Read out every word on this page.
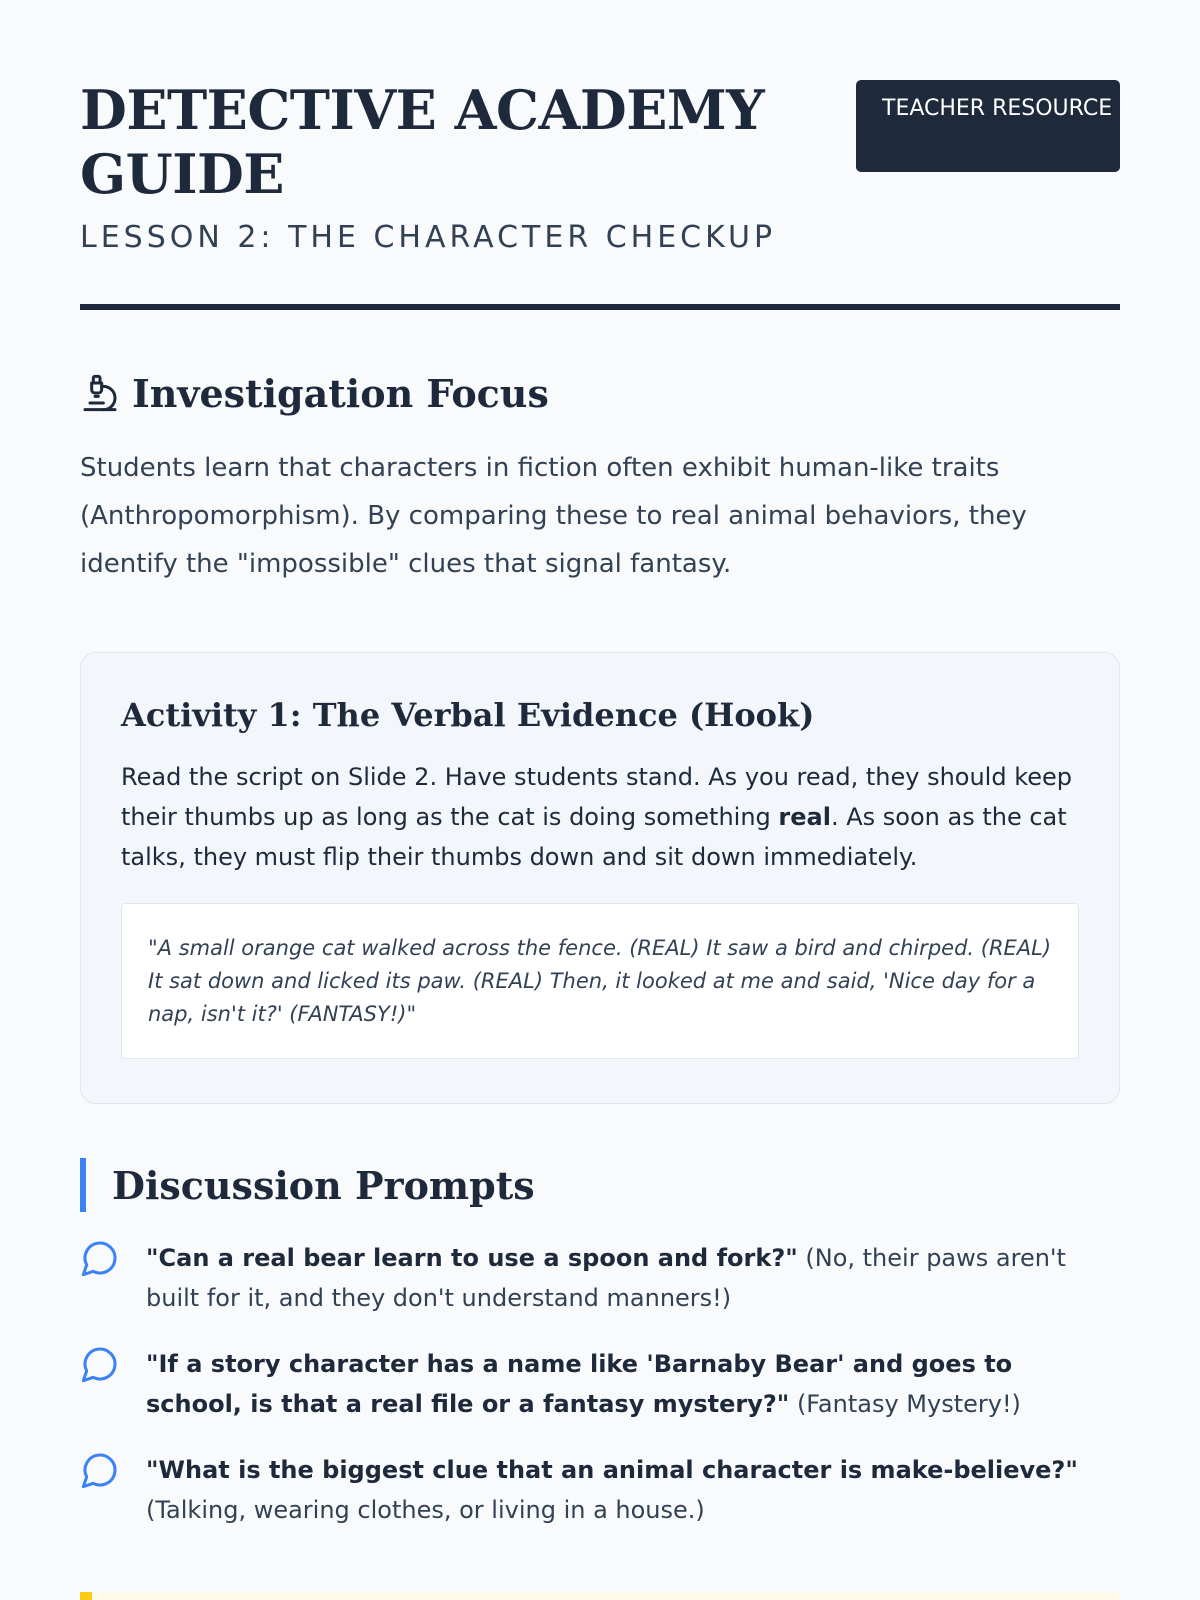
DETECTIVE ACADEMY GUIDE
LESSON 2: THE CHARACTER CHECKUP
TEACHER RESOURCE
Investigation Focus

Students learn that characters in fiction often exhibit human-like traits (Anthropomorphism). By comparing these to real animal behaviors, they identify the "impossible" clues that signal fantasy.

Activity 1: The Verbal Evidence (Hook)

Read the script on Slide 2. Have students stand. As you read, they should keep their thumbs up as long as the cat is doing something real. As soon as the cat talks, they must flip their thumbs down and sit down immediately.

"A small orange cat walked across the fence. (REAL) It saw a bird and chirped. (REAL) It sat down and licked its paw. (REAL) Then, it looked at me and said, 'Nice day for a nap, isn't it?' (FANTASY!)"
Discussion Prompts

"Can a real bear learn to use a spoon and fork?" (No, their paws aren't built for it, and they don't understand manners!)

"If a story character has a name like 'Barnaby Bear' and goes to school, is that a real file or a fantasy mystery?" (Fantasy Mystery!)

"What is the biggest clue that an animal character is make-believe?" (Talking, wearing clothes, or living in a house.)
